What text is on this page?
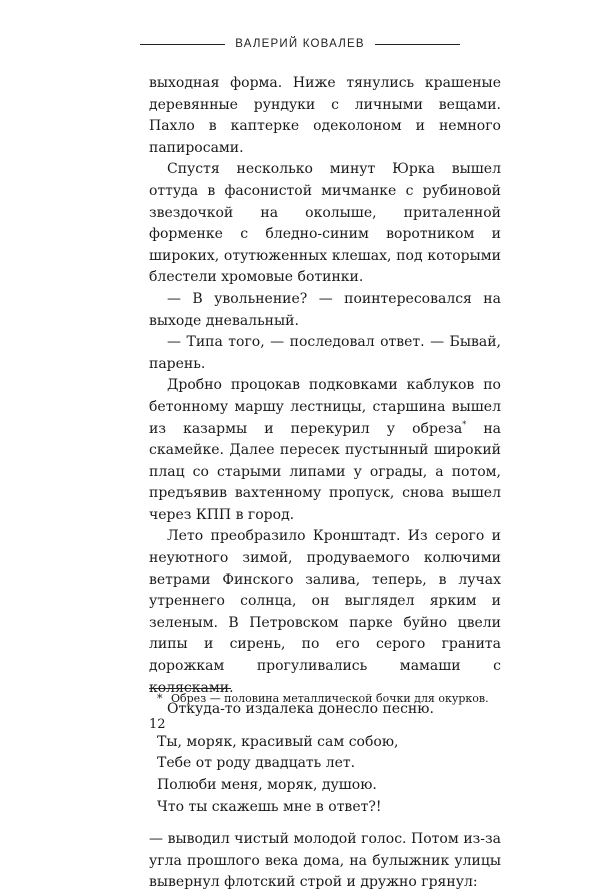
ВАЛЕРИЙ КОВАЛЕВ

выходная форма. Ниже тянулись крашеные деревянные рундуки с личными вещами. Пахло в каптерке одеколоном и немного папиросами.

Спустя несколько минут Юрка вышел оттуда в фасонистой мичманке с рубиновой звездочкой на околыше, приталенной форменке с бледно-синим воротником и широких, отутюженных клешах, под которыми блестели хромовые ботинки.

— В увольнение? — поинтересовался на выходе дневальный.

— Типа того, — последовал ответ. — Бывай, парень.

Дробно процокав подковками каблуков по бетонному маршу лестницы, старшина вышел из казармы и перекурил у обреза* на скамейке. Далее пересек пустынный широкий плац со старыми липами у ограды, а потом, предъявив вахтенному пропуск, снова вышел через КПП в город.

Лето преобразило Кронштадт. Из серого и неуютного зимой, продуваемого колючими ветрами Финского залива, теперь, в лучах утреннего солнца, он выглядел ярким и зеленым. В Петровском парке буйно цвели липы и сирень, по его серого гранита дорожкам прогуливались мамаши с колясками.

Откуда-то издалека донесло песню.

Ты, моряк, красивый сам собою,
Тебе от роду двадцать лет.
Полюби меня, моряк, душою.
Что ты скажешь мне в ответ?!

— выводил чистый молодой голос. Потом из-за угла прошлого века дома, на булыжник улицы вывернул флотский строй и дружно грянул:

* Обрез — половина металлической бочки для окурков.
12
